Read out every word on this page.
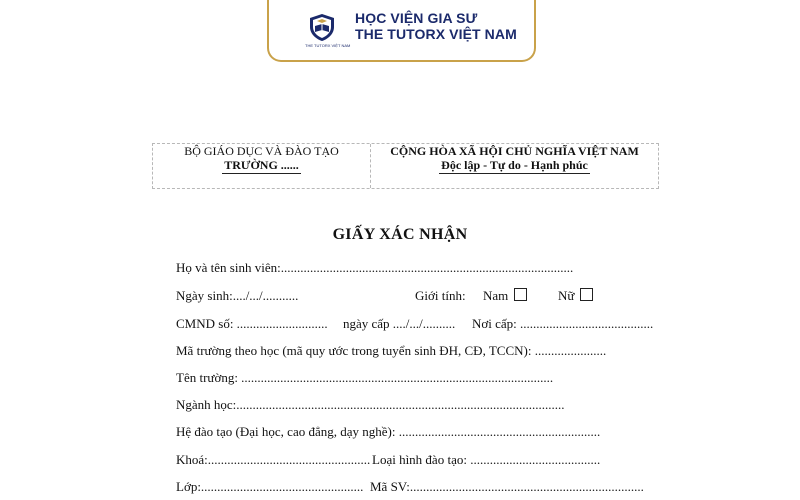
THE TUTORX VIỆT NAM
HỌC VIỆN GIA SƯ
THE TUTORX VIỆT NAM
BỘ GIÁO DỤC VÀ ĐÀO TẠO
TRƯỜNG ......
CỘNG HÒA XÃ HỘI CHỦ NGHĨA VIỆT NAM
Độc lập - Tự do - Hạnh phúc
GIẤY XÁC NHẬN
Họ và tên sinh viên:..........................................................................................
Ngày sinh:..../.../...........	Giới tính: Nam	Nữ
CMND số: ............................ ngày cấp ..../.../.......... Nơi cấp: .........................................
Mã trường theo học (mã quy ước trong tuyển sinh ĐH, CĐ, TCCN): ......................
Tên trường: ................................................................................................
Ngành học:.....................................................................................................
Hệ đào tạo (Đại học, cao đẳng, dạy nghề): ..............................................................
Khoá:.................................................. Loại hình đào tạo: ........................................
Lớp:.................................................. Mã SV:........................................................................
